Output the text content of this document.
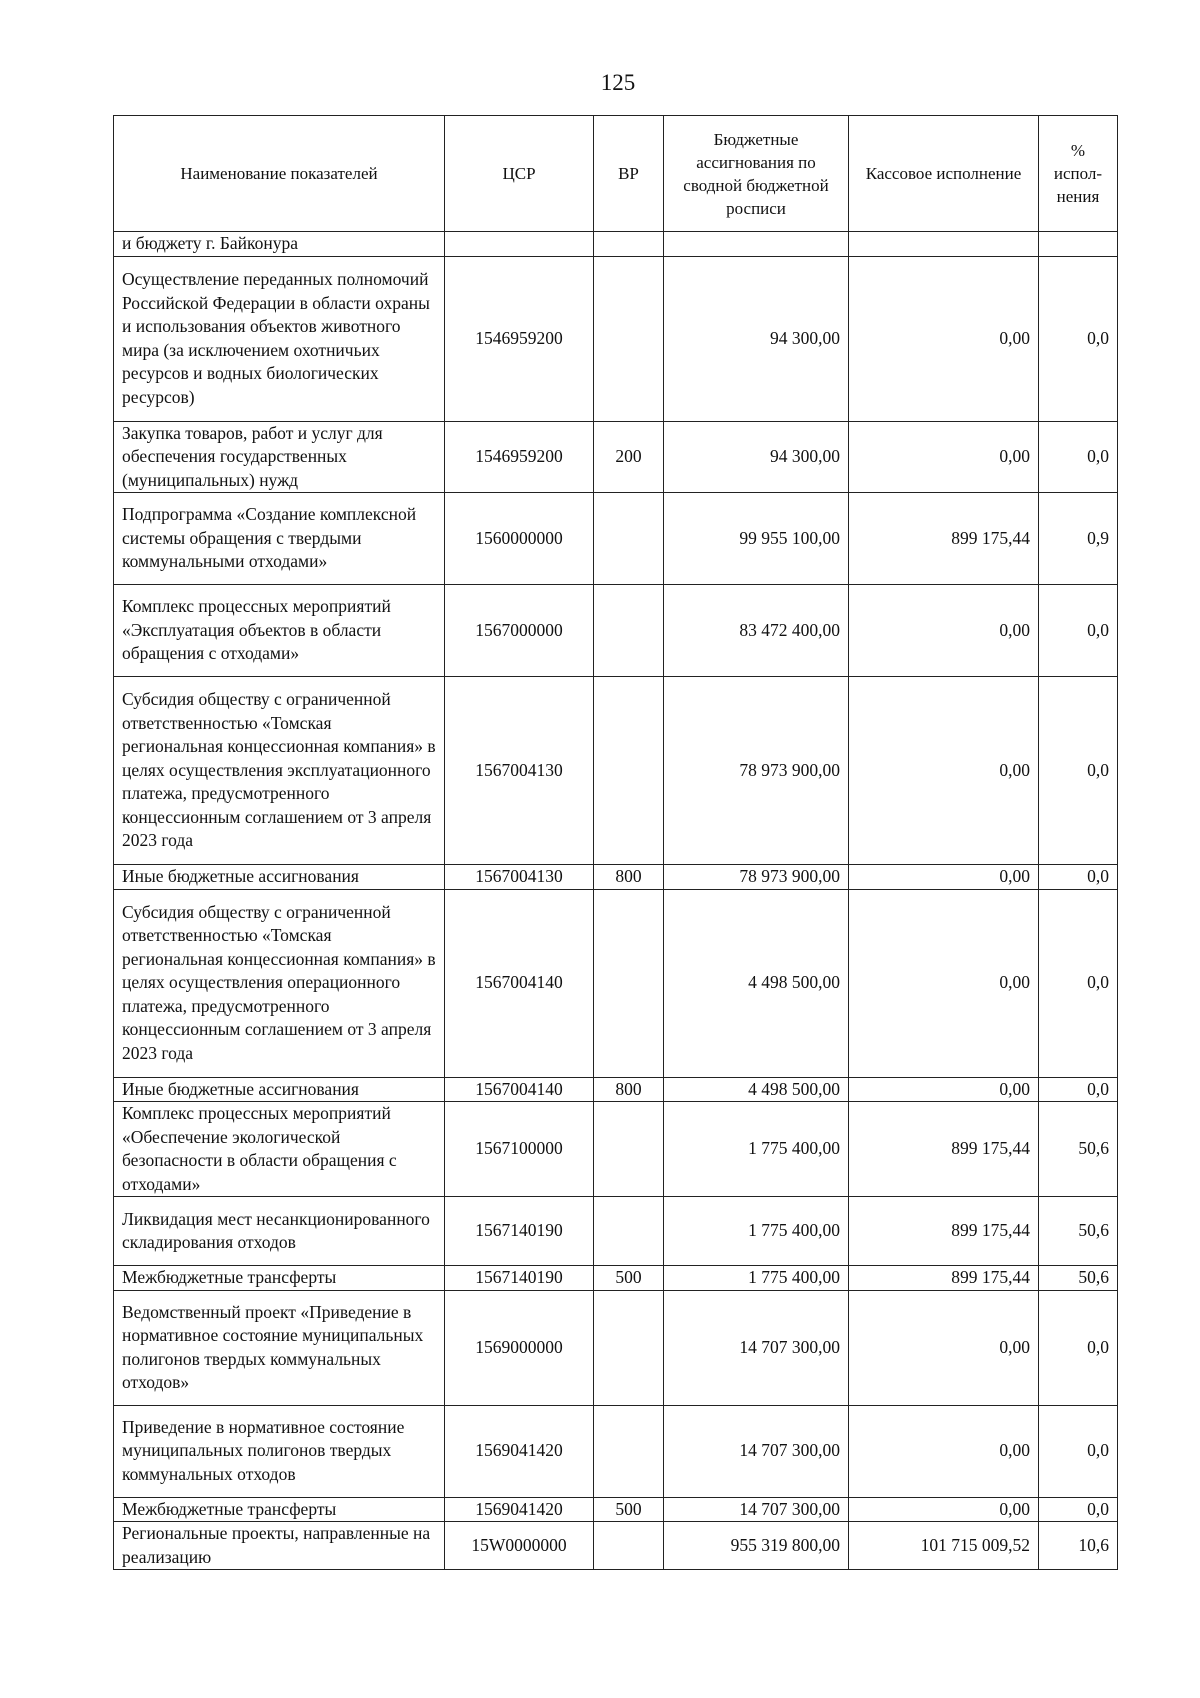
125
Наименование показателей	ЦСР	ВР	Бюджетные ассигнования по сводной бюджетной росписи	Кассовое исполнение	% испол-нения
и бюджету г. Байконура					
Осуществление переданных полномочий Российской Федерации в области охраны и использования объектов животного мира (за исключением охотничьих ресурсов и водных биологических ресурсов)	1546959200		94 300,00	0,00	0,0
Закупка товаров, работ и услуг для обеспечения государственных (муниципальных) нужд	1546959200	200	94 300,00	0,00	0,0
Подпрограмма «Создание комплексной системы обращения с твердыми коммунальными отходами»	1560000000		99 955 100,00	899 175,44	0,9
Комплекс процессных мероприятий «Эксплуатация объектов в области обращения с отходами»	1567000000		83 472 400,00	0,00	0,0
Субсидия обществу с ограниченной ответственностью «Томская региональная концессионная компания» в целях осуществления эксплуатационного платежа, предусмотренного концессионным соглашением от 3 апреля 2023 года	1567004130		78 973 900,00	0,00	0,0
Иные бюджетные ассигнования	1567004130	800	78 973 900,00	0,00	0,0
Субсидия обществу с ограниченной ответственностью «Томская региональная концессионная компания» в целях осуществления операционного платежа, предусмотренного концессионным соглашением от 3 апреля 2023 года	1567004140		4 498 500,00	0,00	0,0
Иные бюджетные ассигнования	1567004140	800	4 498 500,00	0,00	0,0
Комплекс процессных мероприятий «Обеспечение экологической безопасности в области обращения с отходами»	1567100000		1 775 400,00	899 175,44	50,6
Ликвидация мест несанкционированного складирования отходов	1567140190		1 775 400,00	899 175,44	50,6
Межбюджетные трансферты	1567140190	500	1 775 400,00	899 175,44	50,6
Ведомственный проект «Приведение в нормативное состояние муниципальных полигонов твердых коммунальных отходов»	1569000000		14 707 300,00	0,00	0,0
Приведение в нормативное состояние муниципальных полигонов твердых коммунальных отходов	1569041420		14 707 300,00	0,00	0,0
Межбюджетные трансферты	1569041420	500	14 707 300,00	0,00	0,0
Региональные проекты, направленные на реализацию	15W0000000		955 319 800,00	101 715 009,52	10,6
